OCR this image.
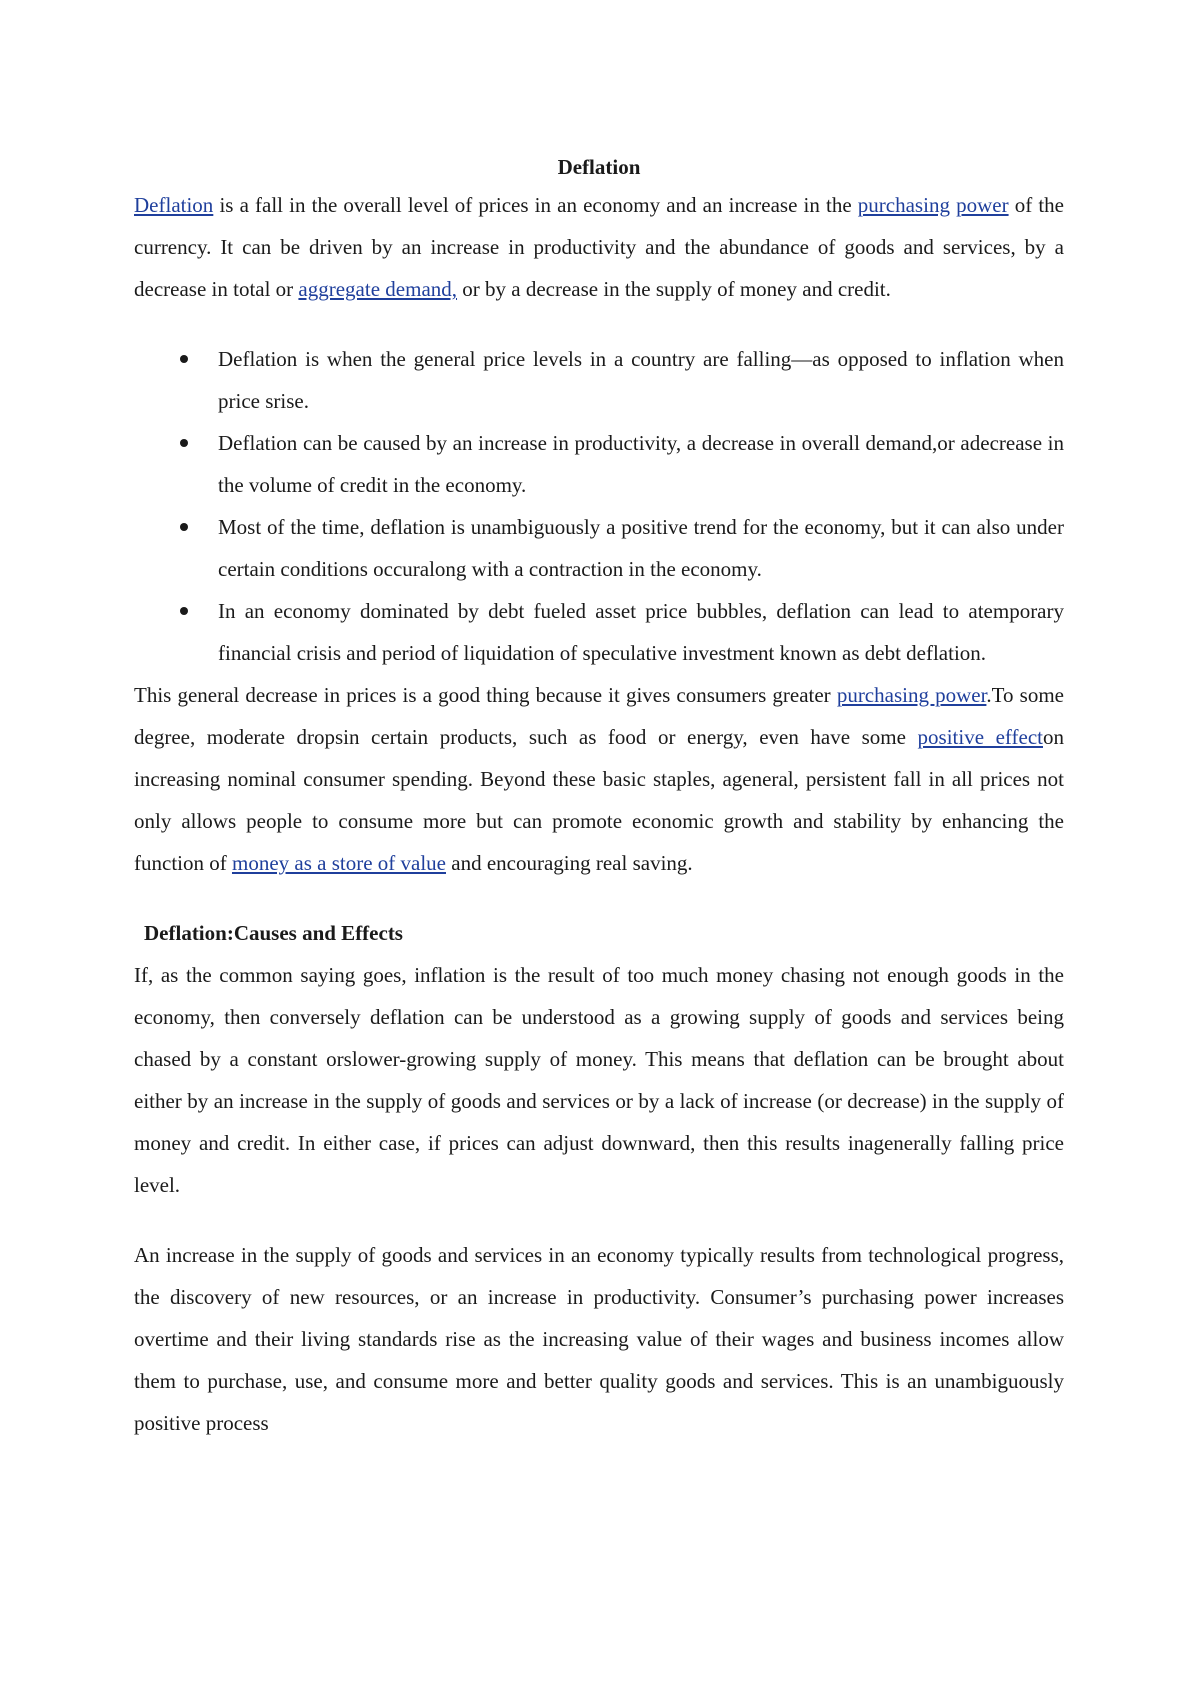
Deflation

Deflation is a fall in the overall level of prices in an economy and an increase in the purchasing power of the currency. It can be driven by an increase in productivity and the abundance of goods and services, by a decrease in total or aggregate demand, or by a decrease in the supply of money and credit.

Deflation is when the general price levels in a country are falling—as opposed to inflation when price srise.
Deflation can be caused by an increase in productivity, a decrease in overall demand,or adecrease in the volume of credit in the economy.
Most of the time, deflation is unambiguously a positive trend for the economy, but it can also under certain conditions occuralong with a contraction in the economy.
In an economy dominated by debt fueled asset price bubbles, deflation can lead to atemporary financial crisis and period of liquidation of speculative investment known as debt deflation.

This general decrease in prices is a good thing because it gives consumers greater purchasing power.To some degree, moderate dropsin certain products, such as food or energy, even have some positive effecton increasing nominal consumer spending. Beyond these basic staples, ageneral, persistent fall in all prices not only allows people to consume more but can promote economic growth and stability by enhancing the function of money as a store of value and encouraging real saving.

Deflation:Causes and Effects

If, as the common saying goes, inflation is the result of too much money chasing not enough goods in the economy, then conversely deflation can be understood as a growing supply of goods and services being chased by a constant orslower-growing supply of money. This means that deflation can be brought about either by an increase in the supply of goods and services or by a lack of increase (or decrease) in the supply of money and credit. In either case, if prices can adjust downward, then this results inagenerally falling price level.

An increase in the supply of goods and services in an economy typically results from technological progress, the discovery of new resources, or an increase in productivity. Consumer’s purchasing power increases overtime and their living standards rise as the increasing value of their wages and business incomes allow them to purchase, use, and consume more and better quality goods and services. This is an unambiguously positive process
